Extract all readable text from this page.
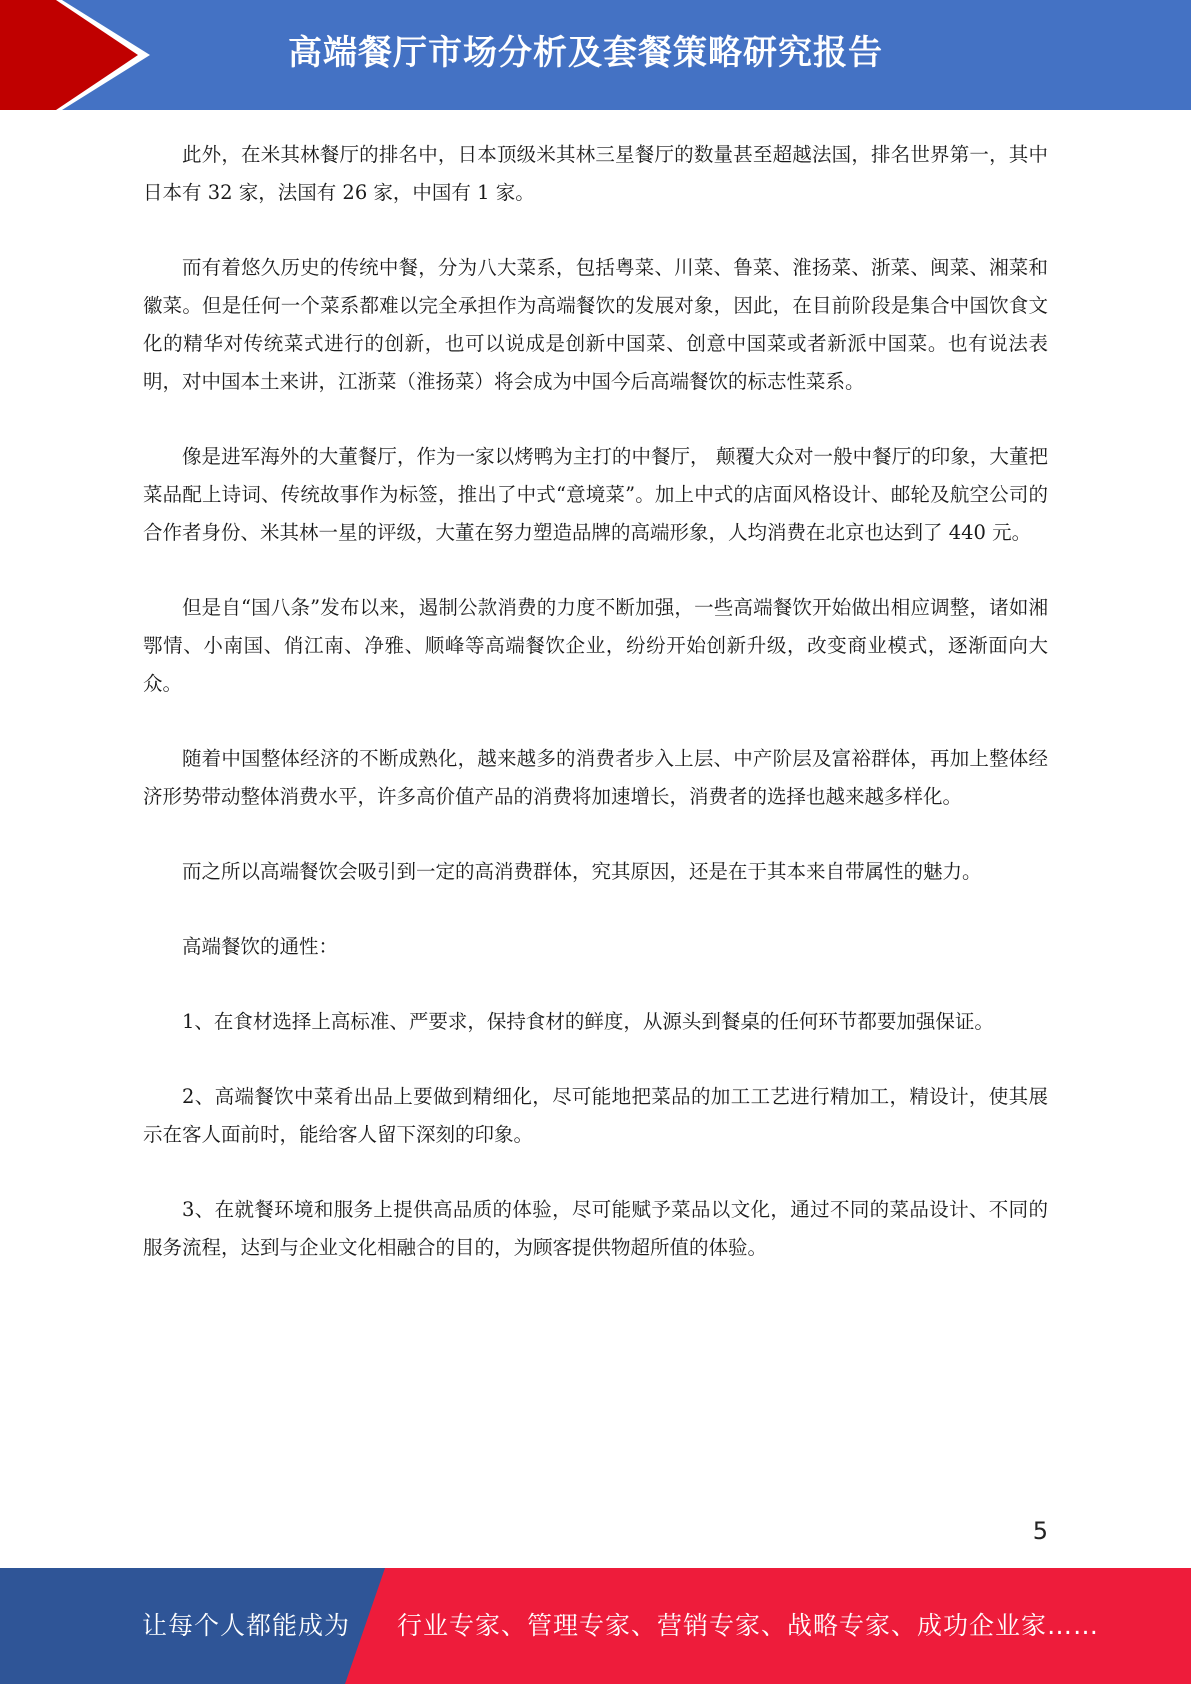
高端餐厅市场分析及套餐策略研究报告

此外，在米其林餐厅的排名中，日本顶级米其林三星餐厅的数量甚至超越法国，排名世界第一，其中日本有 32 家，法国有 26 家，中国有 1 家。

而有着悠久历史的传统中餐，分为八大菜系，包括粤菜、川菜、鲁菜、淮扬菜、浙菜、闽菜、湘菜和徽菜。但是任何一个菜系都难以完全承担作为高端餐饮的发展对象，因此，在目前阶段是集合中国饮食文化的精华对传统菜式进行的创新，也可以说成是创新中国菜、创意中国菜或者新派中国菜。也有说法表明，对中国本土来讲，江浙菜（淮扬菜）将会成为中国今后高端餐饮的标志性菜系。

像是进军海外的大董餐厅，作为一家以烤鸭为主打的中餐厅， 颠覆大众对一般中餐厅的印象，大董把菜品配上诗词、传统故事作为标签，推出了中式“意境菜”。加上中式的店面风格设计、邮轮及航空公司的合作者身份、米其林一星的评级，大董在努力塑造品牌的高端形象，人均消费在北京也达到了 440 元。

但是自“国八条”发布以来，遏制公款消费的力度不断加强，一些高端餐饮开始做出相应调整，诸如湘鄂情、小南国、俏江南、净雅、顺峰等高端餐饮企业，纷纷开始创新升级，改变商业模式，逐渐面向大众。

随着中国整体经济的不断成熟化，越来越多的消费者步入上层、中产阶层及富裕群体，再加上整体经济形势带动整体消费水平，许多高价值产品的消费将加速增长，消费者的选择也越来越多样化。

而之所以高端餐饮会吸引到一定的高消费群体，究其原因，还是在于其本来自带属性的魅力。

高端餐饮的通性：

1、在食材选择上高标准、严要求，保持食材的鲜度，从源头到餐桌的任何环节都要加强保证。

2、高端餐饮中菜肴出品上要做到精细化，尽可能地把菜品的加工工艺进行精加工，精设计，使其展示在客人面前时，能给客人留下深刻的印象。

3、在就餐环境和服务上提供高品质的体验，尽可能赋予菜品以文化，通过不同的菜品设计、不同的服务流程，达到与企业文化相融合的目的，为顾客提供物超所值的体验。

5
让每个人都能成为 行业专家、管理专家、营销专家、战略专家、成功企业家……
